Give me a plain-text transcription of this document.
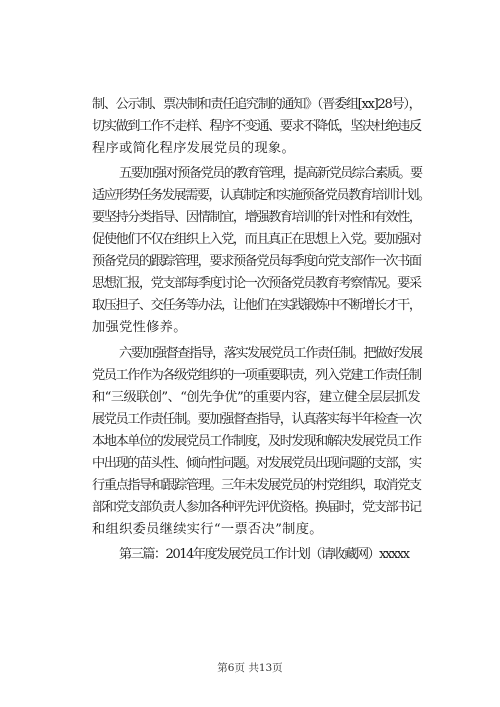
制、公示制、票决制和责任追究制的通知》（晋委组[xx]28号），
切实做到工作不走样、程序不变通、要求不降低，坚决杜绝违反
程序或简化程序发展党员的现象。
五要加强对预备党员的教育管理，提高新党员综合素质。要
适应形势任务发展需要，认真制定和实施预备党员教育培训计划。
要坚持分类指导、因情制宜，增强教育培训的针对性和有效性，
促使他们不仅在组织上入党，而且真正在思想上入党。要加强对
预备党员的跟踪管理，要求预备党员每季度向党支部作一次书面
思想汇报，党支部每季度讨论一次预备党员教育考察情况。要采
取压担子、交任务等办法，让他们在实践锻炼中不断增长才干，
加强党性修养。
六要加强督查指导，落实发展党员工作责任制。把做好发展
党员工作作为各级党组织的一项重要职责，列入党建工作责任制
和“三级联创”、“创先争优”的重要内容，建立健全层层抓发
展党员工作责任制。要加强督查指导，认真落实每半年检查一次
本地本单位的发展党员工作制度，及时发现和解决发展党员工作
中出现的苗头性、倾向性问题。对发展党员出现问题的支部，实
行重点指导和跟踪管理。三年未发展党员的村党组织，取消党支
部和党支部负责人参加各种评先评优资格。换届时，党支部书记
和组织委员继续实行“一票否决”制度。
第三篇：2014年度发展党员工作计划（请收藏网）xxxxx
第6页 共13页
